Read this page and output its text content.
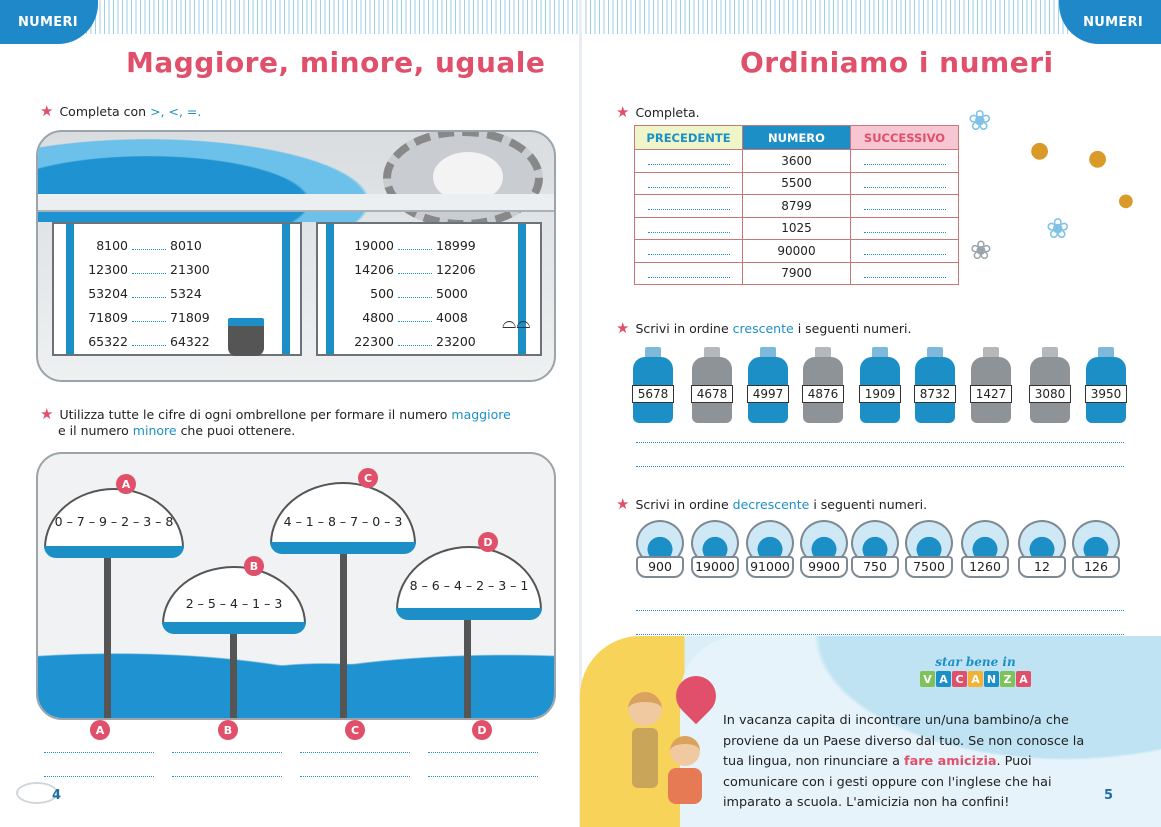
NUMERI	NUMERI
Maggiore, minore, uguale
★ Completa con >, <, =.
8100	8010
12300	21300
53204	5324
71809	71809
65322	64322
19000	18999
14206	12206
500	5000
4800	4008
22300	23200
⌓⌓
★ Utilizza tutte le cifre di ogni ombrellone per formare il numero maggiore
e il numero minore che puoi ottenere.
0 – 7 – 9 – 2 – 3 – 8
2 – 5 – 4 – 1 – 3
4 – 1 – 8 – 7 – 0 – 3
8 – 6 – 4 – 2 – 3 – 1
A
B
C
D
A	B	C	D
4
Ordiniamo i numeri
★ Completa.
PRECEDENTE	NUMERO	SUCCESSIVO
	3600	
	5500	
	8799	
	1025	
	90000	
	7900	
❀
● ●
●
❀
❀
★ Scrivi in ordine crescente i seguenti numeri.
5678	4678	4997	4876	1909	8732	1427	3080	3950
★ Scrivi in ordine decrescente i seguenti numeri.
900	19000	91000	9900	750	7500	1260	12	126
star bene in
V A C A N Z A
In vacanza capita di incontrare un/una bambino/a che proviene da un Paese diverso dal tuo. Se non conosce la tua lingua, non rinunciare a fare amicizia. Puoi comunicare con i gesti oppure con l'inglese che hai imparato a scuola. L'amicizia non ha confini!	5
